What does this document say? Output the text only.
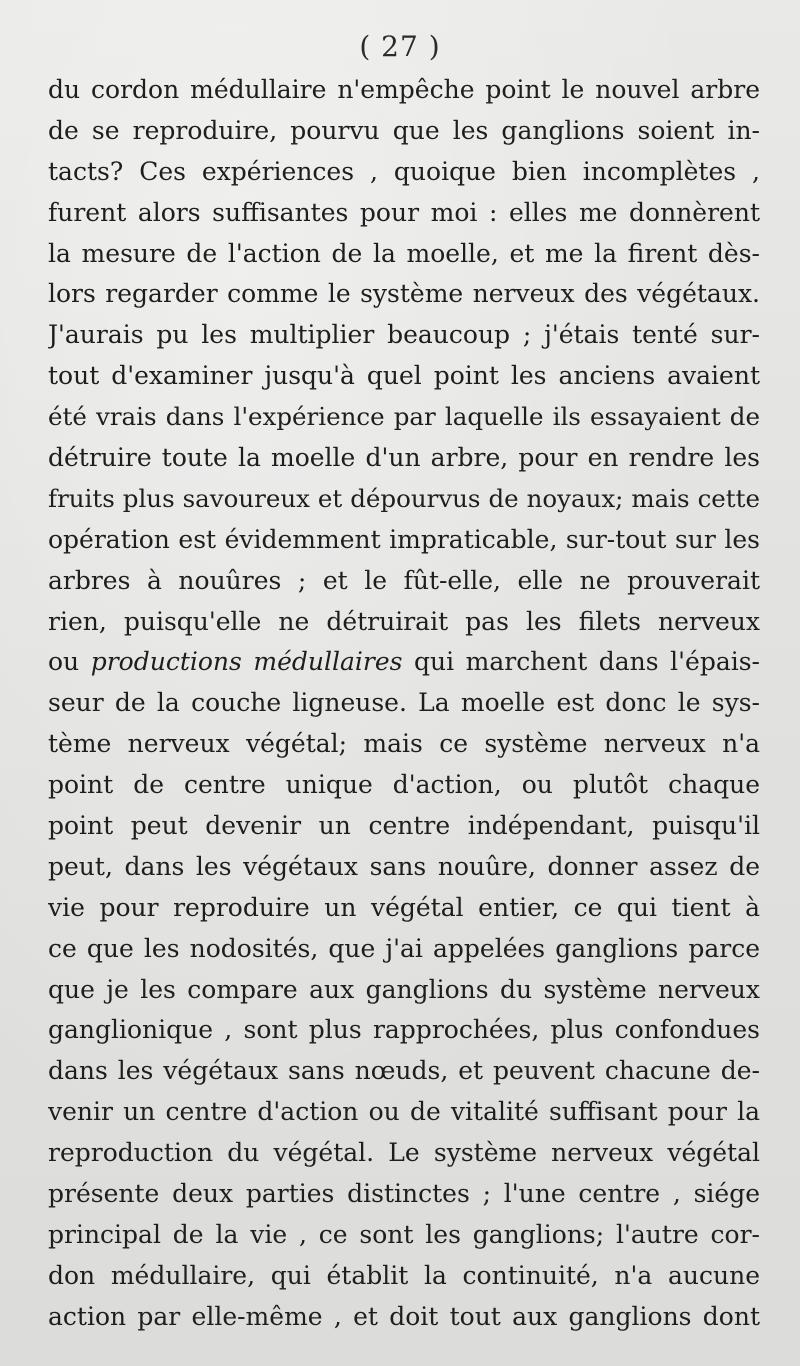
( 27 )
du cordon médullaire n'empêche point le nouvel arbre
de se reproduire, pourvu que les ganglions soient in-
tacts? Ces expériences , quoique bien incomplètes ,
furent alors suffisantes pour moi : elles me donnèrent
la mesure de l'action de la moelle, et me la firent dès-
lors regarder comme le système nerveux des végétaux.
J'aurais pu les multiplier beaucoup ; j'étais tenté sur-
tout d'examiner jusqu'à quel point les anciens avaient
été vrais dans l'expérience par laquelle ils essayaient de
détruire toute la moelle d'un arbre, pour en rendre les
fruits plus savoureux et dépourvus de noyaux; mais cette
opération est évidemment impraticable, sur-tout sur les
arbres à nouûres ; et le fût-elle, elle ne prouverait
rien, puisqu'elle ne détruirait pas les filets nerveux
ou productions médullaires qui marchent dans l'épais-
seur de la couche ligneuse. La moelle est donc le sys-
tème nerveux végétal; mais ce système nerveux n'a
point de centre unique d'action, ou plutôt chaque
point peut devenir un centre indépendant, puisqu'il
peut, dans les végétaux sans nouûre, donner assez de
vie pour reproduire un végétal entier, ce qui tient à
ce que les nodosités, que j'ai appelées ganglions parce
que je les compare aux ganglions du système nerveux
ganglionique , sont plus rapprochées, plus confondues
dans les végétaux sans nœuds, et peuvent chacune de-
venir un centre d'action ou de vitalité suffisant pour la
reproduction du végétal. Le système nerveux végétal
présente deux parties distinctes ; l'une centre , siége
principal de la vie , ce sont les ganglions; l'autre cor-
don médullaire, qui établit la continuité, n'a aucune
action par elle-même , et doit tout aux ganglions dont
